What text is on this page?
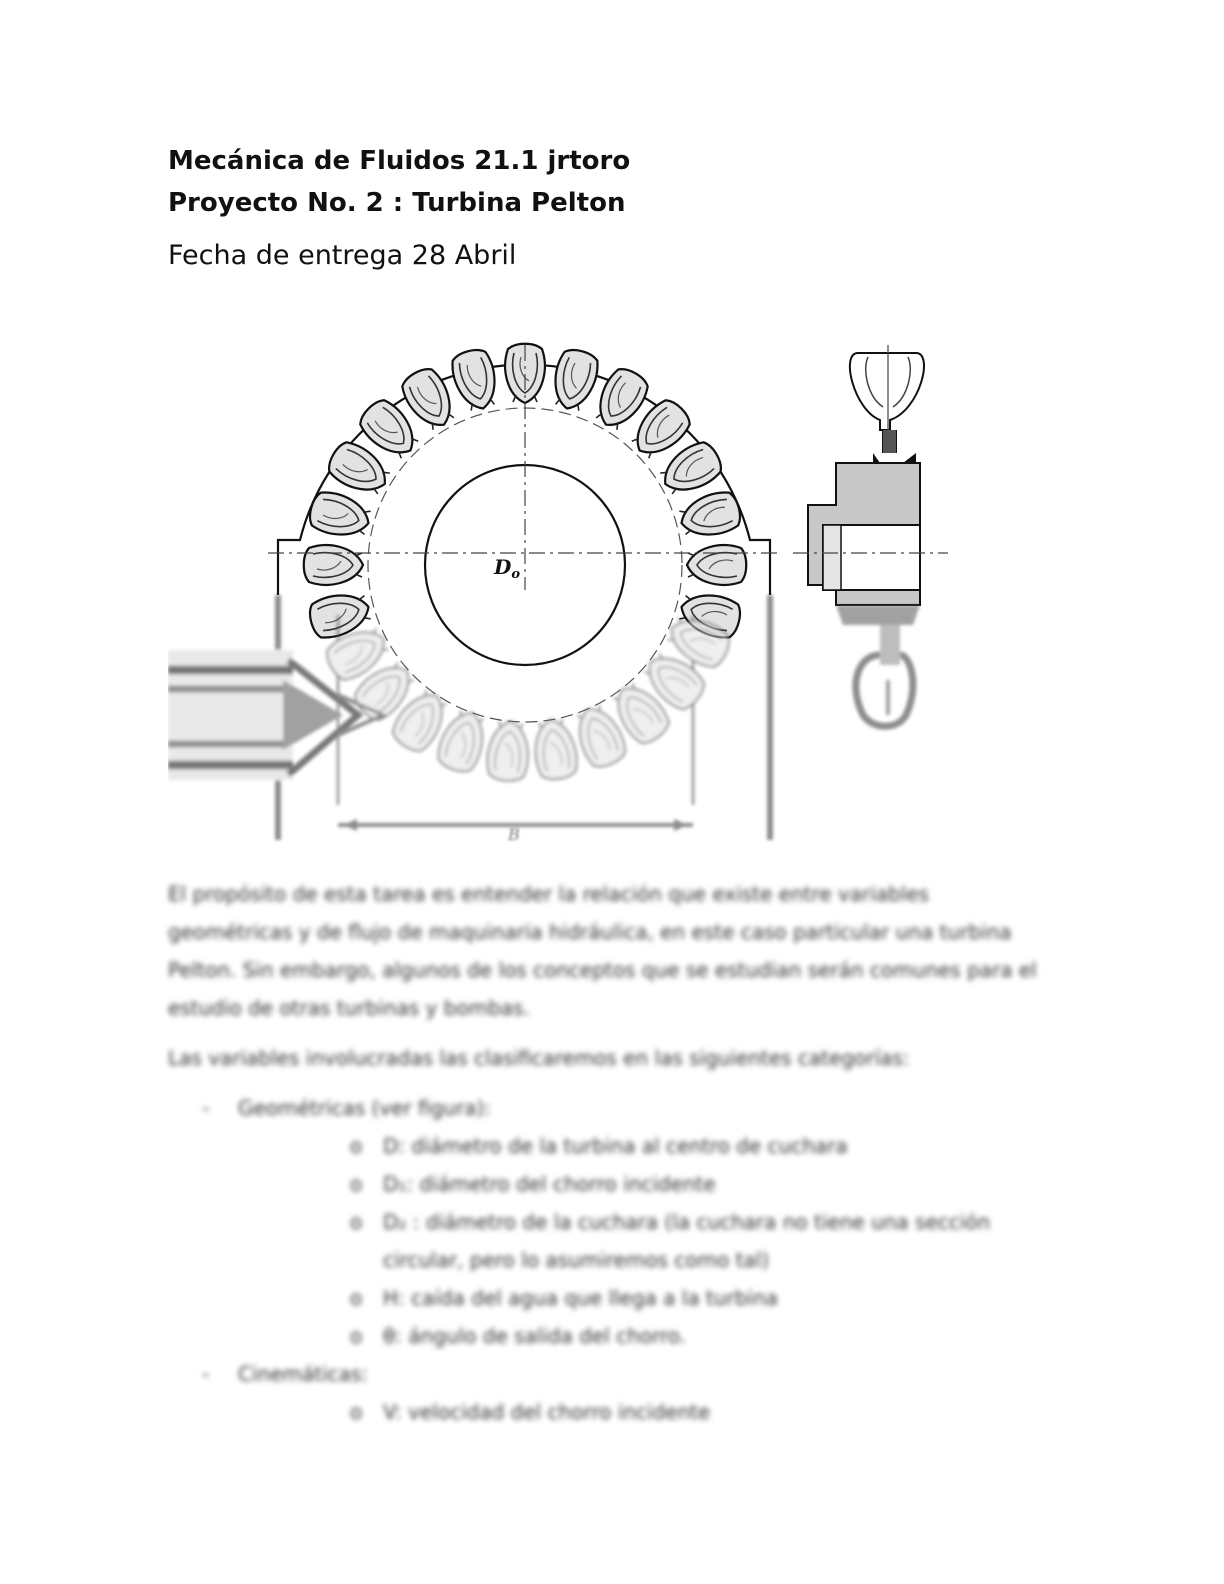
Mecánica de Fluidos 21.1 jrtoro
Proyecto No. 2 : Turbina Pelton
Fecha de entrega 28 Abril
$D_o$
B

El propósito de esta tarea es entender la relación que existe entre variables geométricas y de flujo de maquinaria hidráulica, en este caso particular una turbina Pelton. Sin embargo, algunos de los conceptos que se estudian serán comunes para el estudio de otras turbinas y bombas.

Las variables involucradas las clasificaremos en las siguientes categorías:

- Geométricas (ver figura):
o D: diámetro de la turbina al centro de cuchara
o D₁: diámetro del chorro incidente
o D₂ : diámetro de la cuchara (la cuchara no tiene una sección circular, pero lo asumiremos como tal)
o H: caída del agua que llega a la turbina
o θ: ángulo de salida del chorro.
- Cinemáticas:
o V: velocidad del chorro incidente
